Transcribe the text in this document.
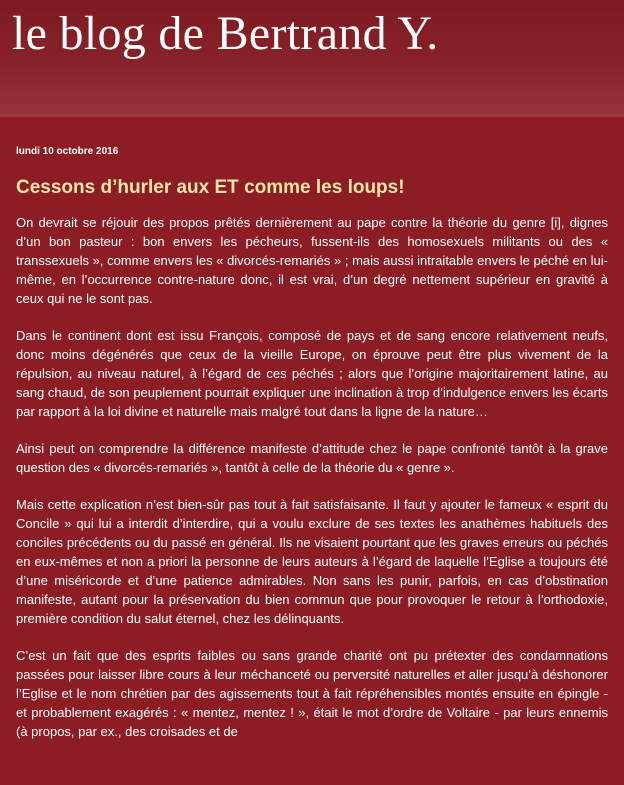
le blog de Bertrand Y.
lundi 10 octobre 2016
Cessons d’hurler aux ET comme les loups!

On devrait se réjouir des propos prêtés dernièrement au pape contre la théorie du genre [i], dignes d’un bon pasteur : bon envers les pécheurs, fussent-ils des homosexuels militants ou des « transsexuels », comme envers les « divorcés-remariés » ; mais aussi intraitable envers le péché en lui-même, en l’occurrence contre-nature donc, il est vrai, d’un degré nettement supérieur en gravité à ceux qui ne le sont pas.

Dans le continent dont est issu François, composé de pays et de sang encore relativement neufs, donc moins dégénérés que ceux de la vieille Europe, on éprouve peut être plus vivement de la répulsion, au niveau naturel, à l’égard de ces péchés ; alors que l’origine majoritairement latine, au sang chaud, de son peuplement pourrait expliquer une inclination à trop d’indulgence envers les écarts par rapport à la loi divine et naturelle mais malgré tout dans la ligne de la nature…

Ainsi peut on comprendre la différence manifeste d’attitude chez le pape confronté tantôt à la grave question des « divorcés-remariés », tantôt à celle de la théorie du « genre ».

Mais cette explication n’est bien-sûr pas tout à fait satisfaisante. Il faut y ajouter le fameux « esprit du Concile » qui lui a interdit d’interdire, qui a voulu exclure de ses textes les anathèmes habituels des conciles précédents ou du passé en général. Ils ne visaient pourtant que les graves erreurs ou péchés en eux-mêmes et non a priori la personne de leurs auteurs à l’égard de laquelle l’Eglise a toujours été d’une miséricorde et d’une patience admirables. Non sans les punir, parfois, en cas d’obstination manifeste, autant pour la préservation du bien commun que pour provoquer le retour à l’orthodoxie, première condition du salut éternel, chez les délinquants.

C’est un fait que des esprits faibles ou sans grande charité ont pu prétexter des condamnations passées pour laisser libre cours à leur méchanceté ou perversité naturelles et aller jusqu’à déshonorer l’Eglise et le nom chrétien par des agissements tout à fait répréhensibles montés ensuite en épingle - et probablement exagérés : « mentez, mentez ! », était le mot d’ordre de Voltaire - par leurs ennemis (à propos, par ex., des croisades et de
